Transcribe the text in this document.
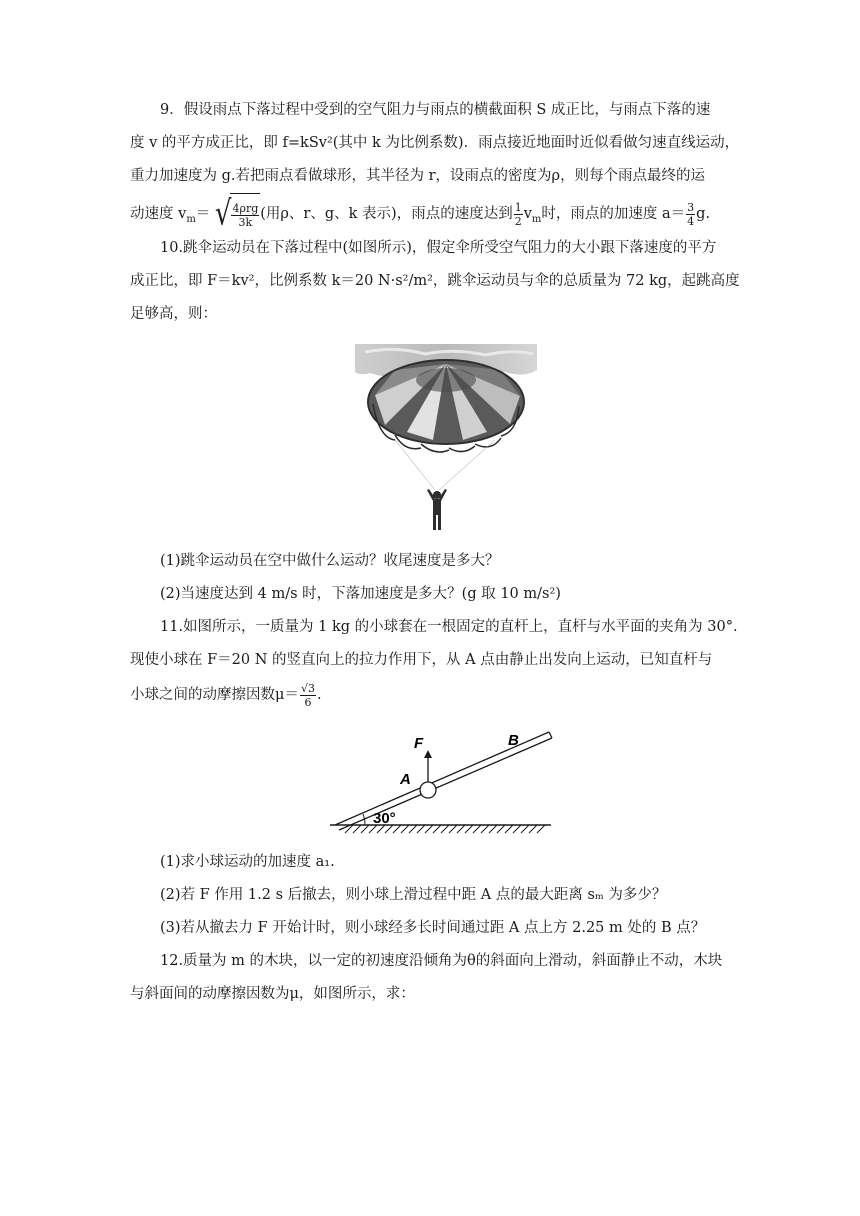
9．假设雨点下落过程中受到的空气阻力与雨点的横截面积 S 成正比，与雨点下落的速
度 v 的平方成正比，即 f=kSv²(其中 k 为比例系数)．雨点接近地面时近似看做匀速直线运动，
重力加速度为 g.若把雨点看做球形，其半径为 r，设雨点的密度为ρ，则每个雨点最终的运
动速度 $v_m=$ √ $\frac{\text{4ρrg}}{3k}$ (用ρ、r、g、k 表示)，雨点的速度达到 $\frac{1}{2} v_m$时，雨点的加速度 $a= \frac{3}{4} g$.
10.跳伞运动员在下落过程中(如图所示)，假定伞所受空气阻力的大小跟下落速度的平方
成正比，即 F＝kv²，比例系数 k＝20 N·s²/m²，跳伞运动员与伞的总质量为 72 kg，起跳高度
足够高，则：
(1)跳伞运动员在空中做什么运动？收尾速度是多大？
(2)当速度达到 4 m/s 时，下落加速度是多大？(g 取 10 m/s²)
11.如图所示，一质量为 1 kg 的小球套在一根固定的直杆上，直杆与水平面的夹角为 30°.
现使小球在 F＝20 N 的竖直向上的拉力作用下，从 A 点由静止出发向上运动，已知直杆与
小球之间的动摩擦因数$\mu= \frac{√3}{6}$ .
30°
F
A
B
(1)求小球运动的加速度 a₁.
(2)若 F 作用 1.2 s 后撤去，则小球上滑过程中距 A 点的最大距离 sₘ 为多少？
(3)若从撤去力 F 开始计时，则小球经多长时间通过距 A 点上方 2.25 m 处的 B 点？
12.质量为 m 的木块，以一定的初速度沿倾角为θ的斜面向上滑动，斜面静止不动，木块
与斜面间的动摩擦因数为μ，如图所示，求：
